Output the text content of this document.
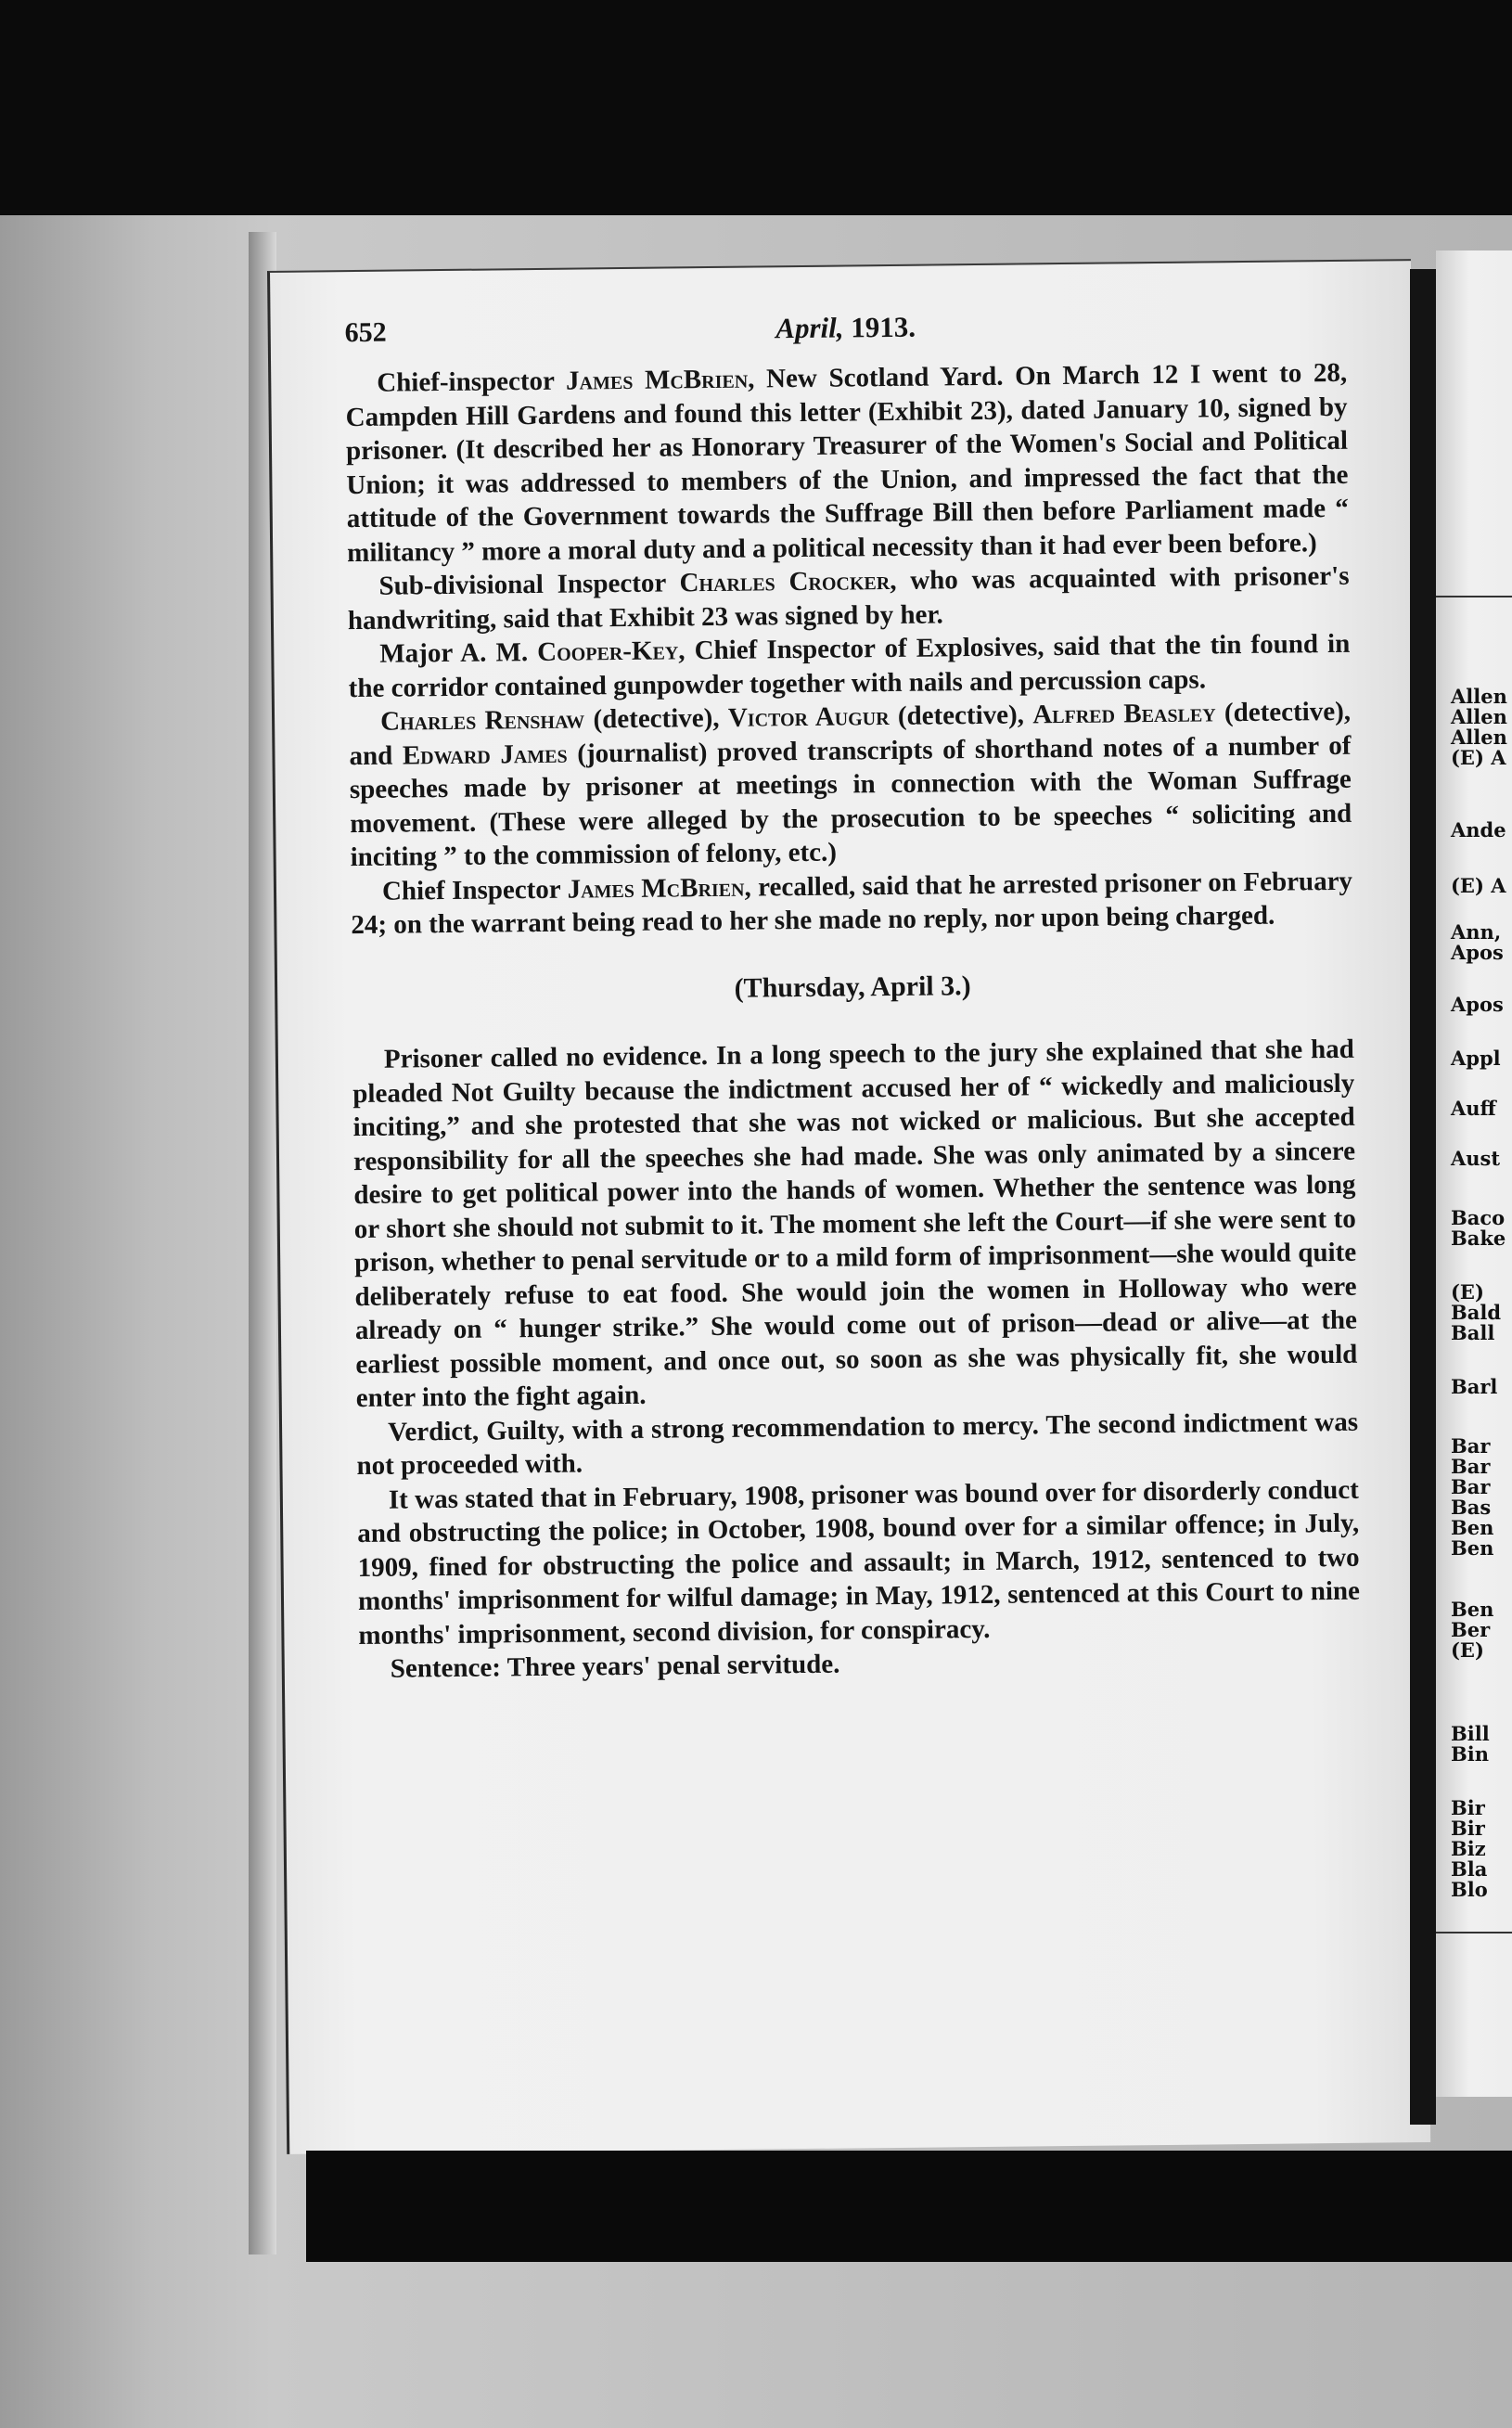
652	April, 1913.

Chief-inspector James McBrien, New Scotland Yard. On March 12 I went to 28, Campden Hill Gardens and found this letter (Exhibit 23), dated January 10, signed by prisoner. (It described her as Honorary Treasurer of the Women's Social and Political Union; it was addressed to members of the Union, and impressed the fact that the attitude of the Government towards the Suffrage Bill then before Parliament made “ militancy ” more a moral duty and a political necessity than it had ever been before.)

Sub-divisional Inspector Charles Crocker, who was acquainted with prisoner's handwriting, said that Exhibit 23 was signed by her.

Major A. M. Cooper-Key, Chief Inspector of Explosives, said that the tin found in the corridor contained gunpowder together with nails and percussion caps.

Charles Renshaw (detective), Victor Augur (detective), Alfred Beasley (detective), and Edward James (journalist) proved transcripts of shorthand notes of a number of speeches made by prisoner at meetings in connection with the Woman Suffrage movement. (These were alleged by the prosecution to be speeches “ soliciting and inciting ” to the commission of felony, etc.)

Chief Inspector James McBrien, recalled, said that he arrested prisoner on February 24; on the warrant being read to her she made no reply, nor upon being charged.

(Thursday, April 3.)

Prisoner called no evidence. In a long speech to the jury she explained that she had pleaded Not Guilty because the indictment accused her of “ wickedly and maliciously inciting,” and she protested that she was not wicked or malicious. But she accepted responsibility for all the speeches she had made. She was only animated by a sincere desire to get political power into the hands of women. Whether the sentence was long or short she should not submit to it. The moment she left the Court—if she were sent to prison, whether to penal servitude or to a mild form of imprisonment—she would quite deliberately refuse to eat food. She would join the women in Holloway who were already on “ hunger strike.” She would come out of prison—dead or alive—at the earliest possible moment, and once out, so soon as she was physically fit, she would enter into the fight again.

Verdict, Guilty, with a strong recommendation to mercy. The second indictment was not proceeded with.

It was stated that in February, 1908, prisoner was bound over for disorderly conduct and obstructing the police; in October, 1908, bound over for a similar offence; in July, 1909, fined for obstructing the police and assault; in March, 1912, sentenced to two months' imprisonment for wilful damage; in May, 1912, sentenced at this Court to nine months' imprisonment, second division, for conspiracy.

Sentence: Three years' penal servitude.

Allen
Allen
Allen
(E) A
Ande
(E) A
Ann,
Apos
Apos
Appl
Auff
Aust
Baco
Bake
(E)
Bald
Ball
Barl
Bar
Bar
Bar
Bas
Ben
Ben
Ben
Ber
(E)
Bill
Bin
Bir
Bir
Biz
Bla
Blo
